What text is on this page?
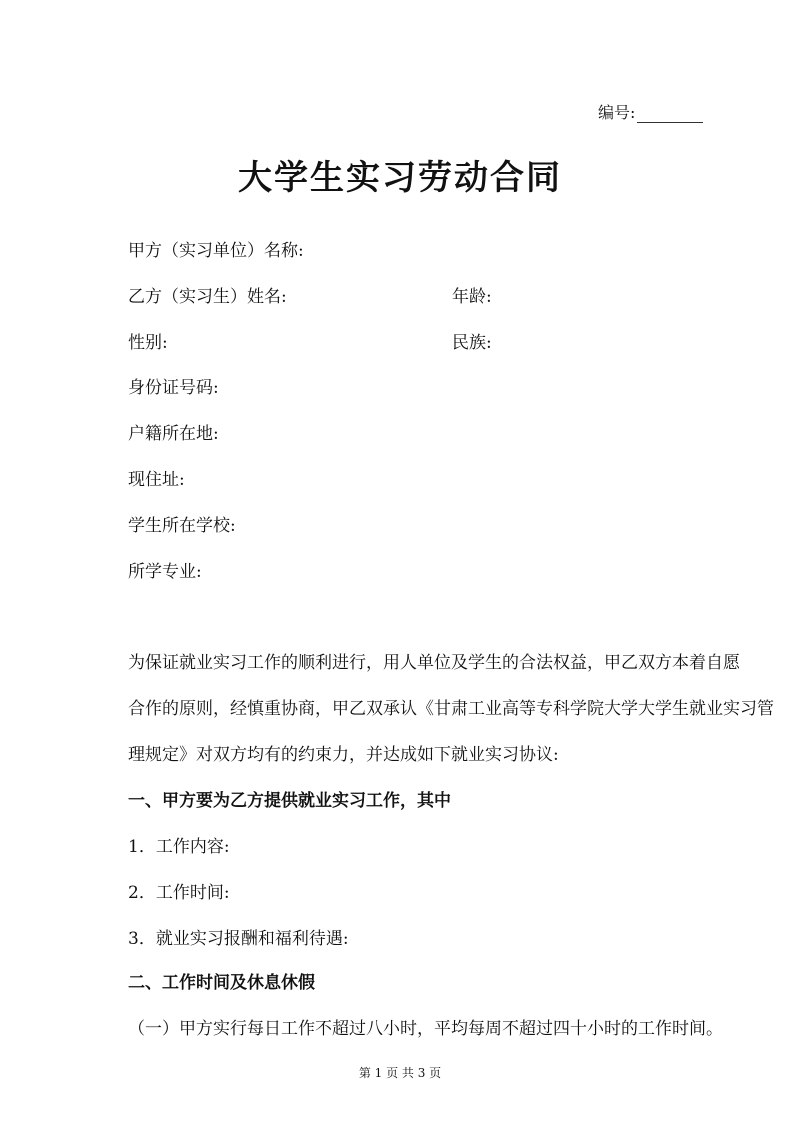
编号:
大学生实习劳动合同
甲方（实习单位）名称:
乙方（实习生）姓名:	年龄:
性别:	民族:
身份证号码:
户籍所在地:
现住址:
学生所在学校:
所学专业:
为保证就业实习工作的顺利进行，用人单位及学生的合法权益，甲乙双方本着自愿
合作的原则，经慎重协商，甲乙双承认《甘肃工业高等专科学院大学大学生就业实习管
理规定》对双方均有的约束力，并达成如下就业实习协议:
一、甲方要为乙方提供就业实习工作，其中
1．工作内容:
2．工作时间:
3．就业实习报酬和福利待遇:
二、工作时间及休息休假
（一）甲方实行每日工作不超过八小时，平均每周不超过四十小时的工作时间。
第 1 页 共 3 页
